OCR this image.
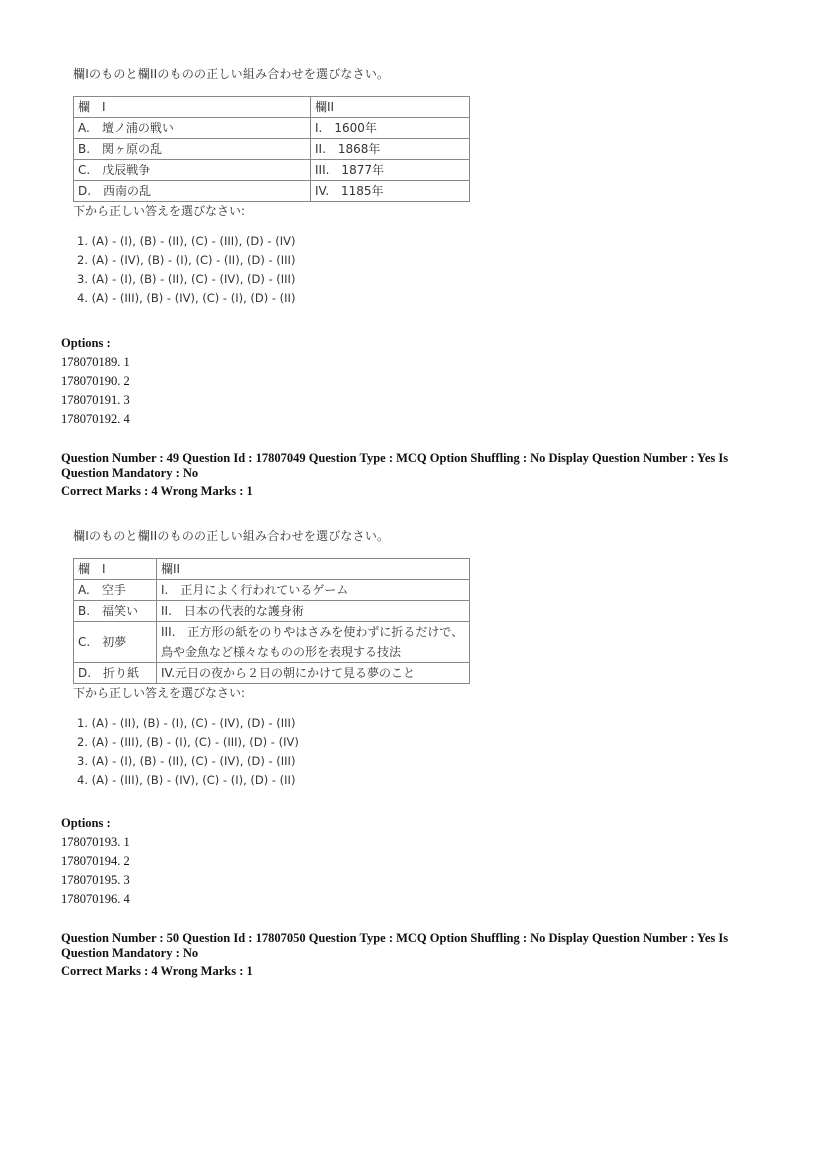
欄Iのものと欄IIのものの正しい組み合わせを選びなさい。
欄　I	欄II
A.　壇ノ浦の戦い	I.　1600年
B.　関ヶ原の乱	II.　1868年
C.　戊辰戦争	III.　1877年
D.　西南の乱	IV.　1185年
下から正しい答えを選びなさい:
1. (A) - (I), (B) - (II), (C) - (III), (D) - (IV)
2. (A) - (IV), (B) - (I), (C) - (II), (D) - (III)
3. (A) - (I), (B) - (II), (C) - (IV), (D) - (III)
4. (A) - (III), (B) - (IV), (C) - (I), (D) - (II)
Options :
178070189. 1
178070190. 2
178070191. 3
178070192. 4
Question Number : 49 Question Id : 17807049 Question Type : MCQ Option Shuffling : No Display Question Number : Yes Is Question Mandatory : No
Correct Marks : 4 Wrong Marks : 1
欄Iのものと欄IIのものの正しい組み合わせを選びなさい。
欄　I	欄II
A.　空手	I.　正月によく行われているゲーム
B.　福笑い	II.　日本の代表的な護身術
C.　初夢	III.　正方形の紙をのりやはさみを使わずに折るだけで、鳥や金魚など様々なものの形を表現する技法
D.　折り紙	IV.元日の夜から２日の朝にかけて見る夢のこと
下から正しい答えを選びなさい:
1. (A) - (II), (B) - (I), (C) - (IV), (D) - (III)
2. (A) - (III), (B) - (I), (C) - (III), (D) - (IV)
3. (A) - (I), (B) - (II), (C) - (IV), (D) - (III)
4. (A) - (III), (B) - (IV), (C) - (I), (D) - (II)
Options :
178070193. 1
178070194. 2
178070195. 3
178070196. 4
Question Number : 50 Question Id : 17807050 Question Type : MCQ Option Shuffling : No Display Question Number : Yes Is Question Mandatory : No
Correct Marks : 4 Wrong Marks : 1
